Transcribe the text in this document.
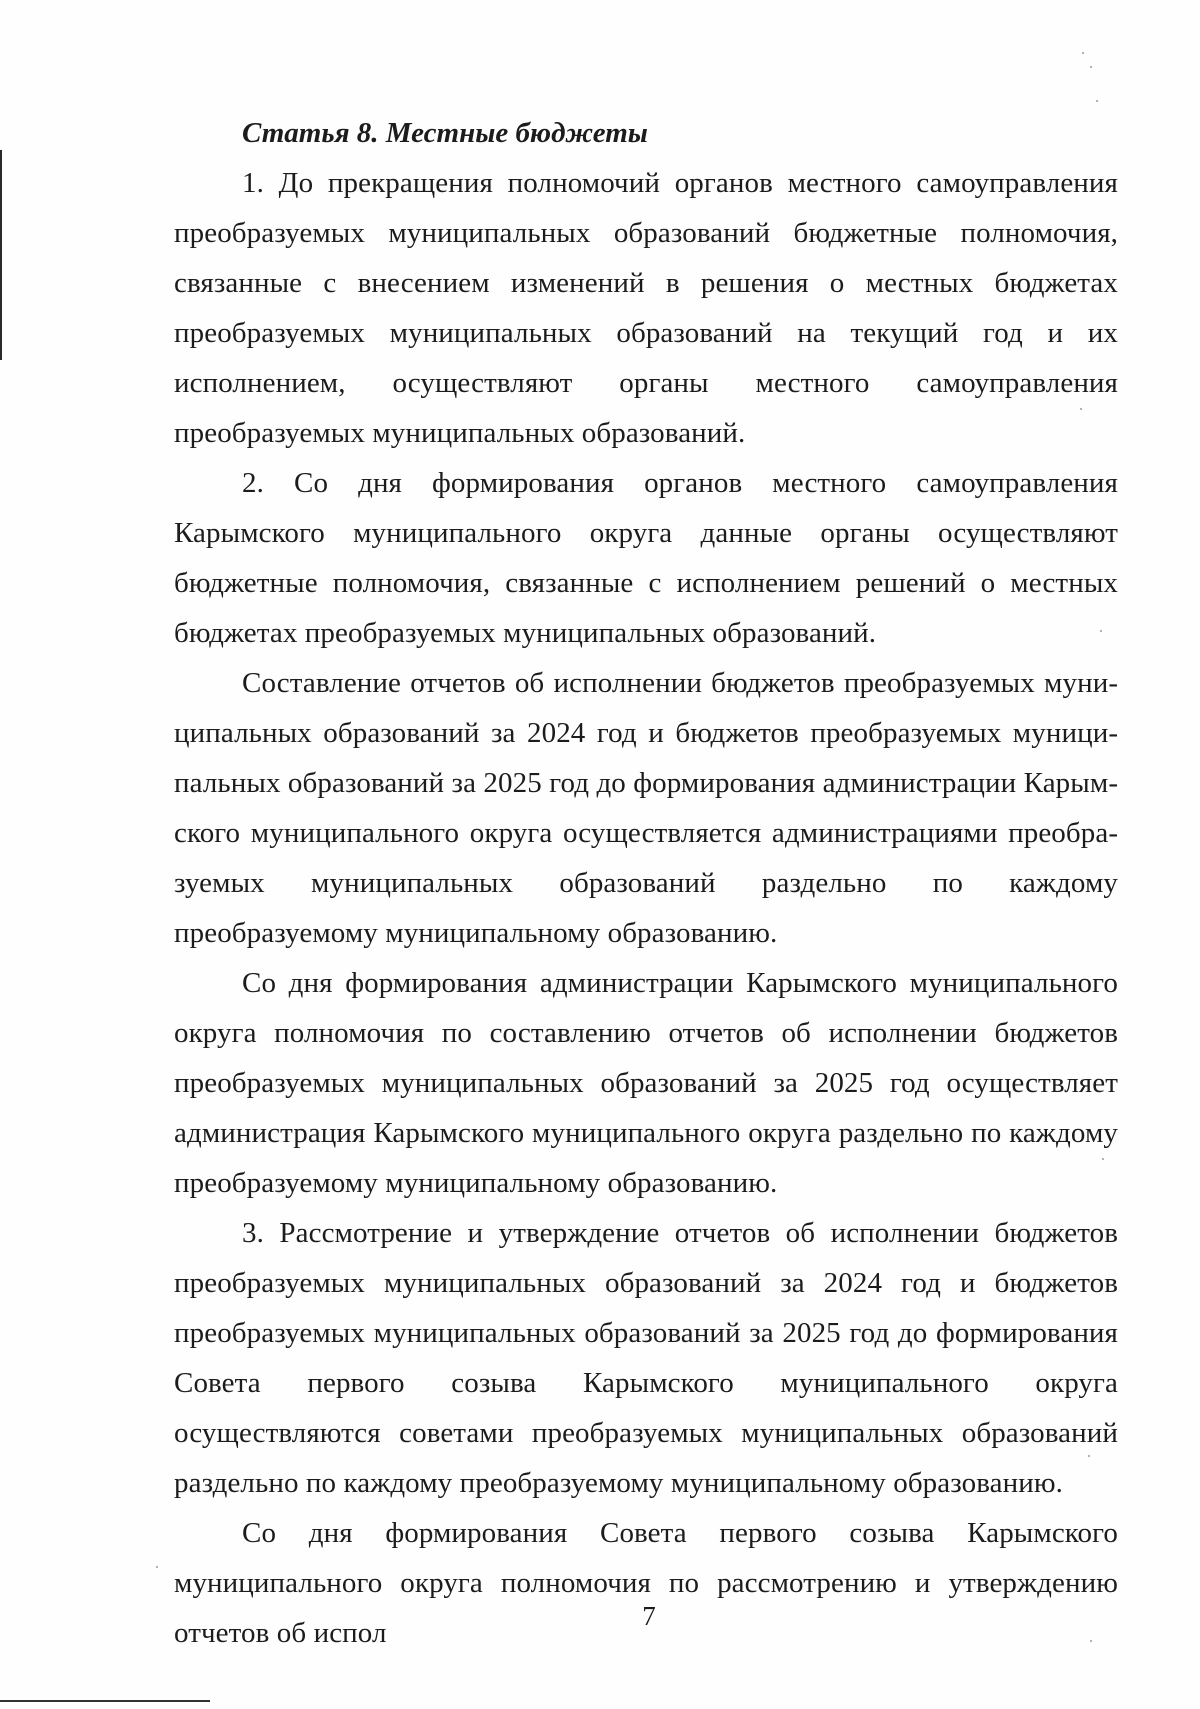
Статья 8. Местные бюджеты

1. До прекращения полномочий органов местного самоуправления преобразуемых муниципальных образований бюджетные полномочия, связанные с внесением изменений в решения о местных бюджетах преобразуемых муниципальных образований на текущий год и их исполнением, осуществляют органы местного самоуправления преобразуемых муниципальных образований.

2. Со дня формирования органов местного самоуправления Карымского муниципального округа данные органы осуществляют бюджетные полномочия, связанные с исполнением решений о местных бюджетах преобразуемых муниципальных образований.

Составление отчетов об исполнении бюджетов преобразуемых муниципальных образований за 2024 год и бюджетов преобразуемых муниципальных образований за 2025 год до формирования администрации Карымского муниципального округа осуществляется администрациями преобразуемых муниципальных образований раздельно по каждому преобразуемому муниципальному образованию.

Со дня формирования администрации Карымского муниципального округа полномочия по составлению отчетов об исполнении бюджетов преобразуемых муниципальных образований за 2025 год осуществляет администрация Карымского муниципального округа раздельно по каждому преобразуемому муниципальному образованию.

3. Рассмотрение и утверждение отчетов об исполнении бюджетов преобразуемых муниципальных образований за 2024 год и бюджетов преобразуемых муниципальных образований за 2025 год до формирования Совета первого созыва Карымского муниципального округа осуществляются советами преобразуемых муниципальных образований раздельно по каждому преобразуемому муниципальному образованию.

Со дня формирования Совета первого созыва Карымского муниципального округа полномочия по рассмотрению и утверждению отчетов об испол

7
